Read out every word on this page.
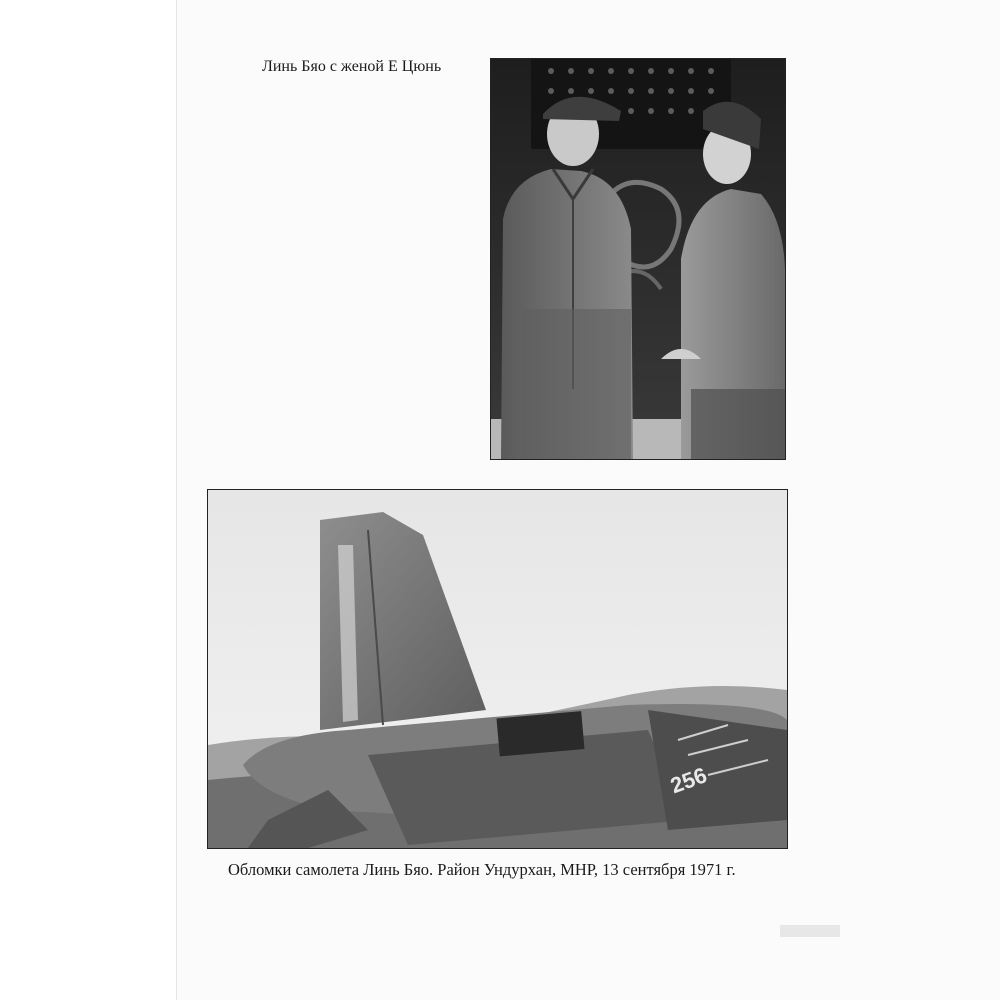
Линь Бяо с женой Е Цюнь
256
Обломки самолета Линь Бяо. Район Ундурхан, МНР, 13 сентября 1971 г.
